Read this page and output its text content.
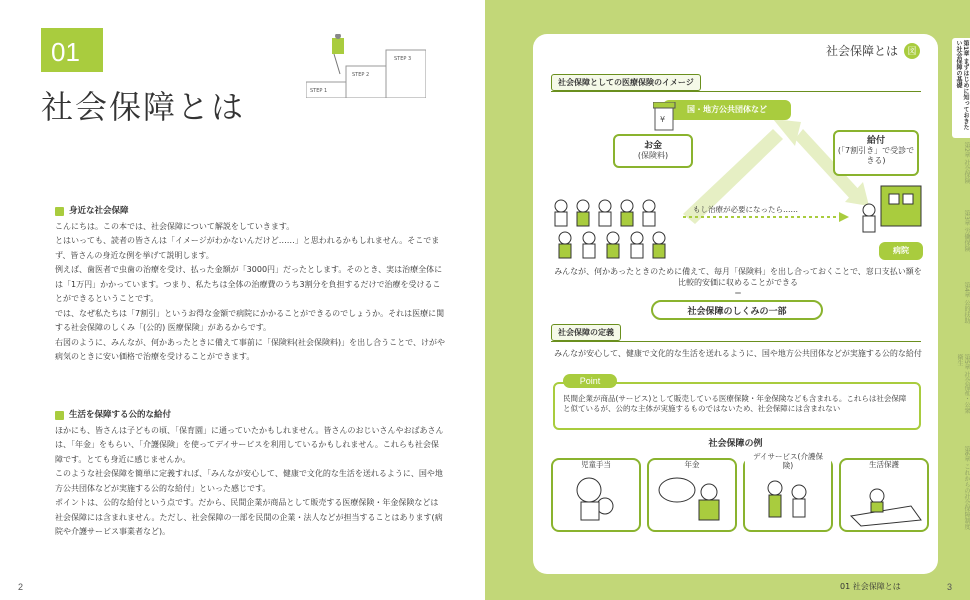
01
社会保障とは	STEP 1
STEP 2
STEP 3
身近な社会保障

こんにちは。この本では、社会保障について解説をしていきます。

とはいっても、読者の皆さんは「イメージがわかないんだけど……」と思われるかもしれません。そこでまず、皆さんの身近な例を挙げて説明します。

例えば、歯医者で虫歯の治療を受け、払った金額が「3000円」だったとします。そのとき、実は治療全体には「1万円」かかっています。つまり、私たちは全体の治療費のうち3割分を負担するだけで治療を受けることができるということです。

では、なぜ私たちは「7割引」というお得な金額で病院にかかることができるのでしょうか。それは医療に関する社会保障のしくみ「(公的) 医療保険」があるからです。

右図のように、みんなが、何かあったときに備えて事前に「保険料(社会保険料)」を出し合うことで、けがや病気のときに安い価格で治療を受けることができます。

生活を保障する公的な給付

ほかにも、皆さんは子どもの頃、「保育園」に通っていたかもしれません。皆さんのおじいさんやおばあさんは、「年金」をもらい、「介護保険」を使ってデイサービスを利用しているかもしれません。これらも社会保障です。とても身近に感じませんか。

このような社会保障を簡単に定義すれば、「みんなが安心して、健康で文化的な生活を送れるように、国や地方公共団体などが実施する公的な給付」といった感じです。

ポイントは、公的な給付という点です。だから、民間企業が商品として販売する医療保険・年金保険などは社会保障には含まれません。ただし、社会保障の一部を民間の企業・法人などが担当することはあります(病院や介護サービス事業者など)。

2
社会保障とは	図
社会保障としての医療保険のイメージ
国・地方公共団体など
¥
お金
(保険料)
給付
(「7割引き」で受診できる)
もし治療が必要になったら……
病院
みんなが、何かあったときのために備えて、毎月「保険料」を出し合っておくことで、窓口支払い額を比較的安価に収めることができる
＝
社会保障のしくみの一部
社会保障の定義
みんなが安心して、健康で文化的な生活を送れるように、国や地方公共団体などが実施する公的な給付
民間企業が商品(サービス)として販売している医療保険・年金保険なども含まれる。これらは社会保障と似ているが、公的な主体が実施するものではないため、社会保障には含まれない
Point
社会保障の例
児童手当	年金
デイサービス(介護保険)	生活保護
01 社会保障とは	3
第1章 まずはじめに知っておきたい社会保障の基礎
第2章 社会保険
第3章 労働保険
第4章 公的扶助
第5章 社会福祉・公衆衛生
第6章 これからの社会保障制度
